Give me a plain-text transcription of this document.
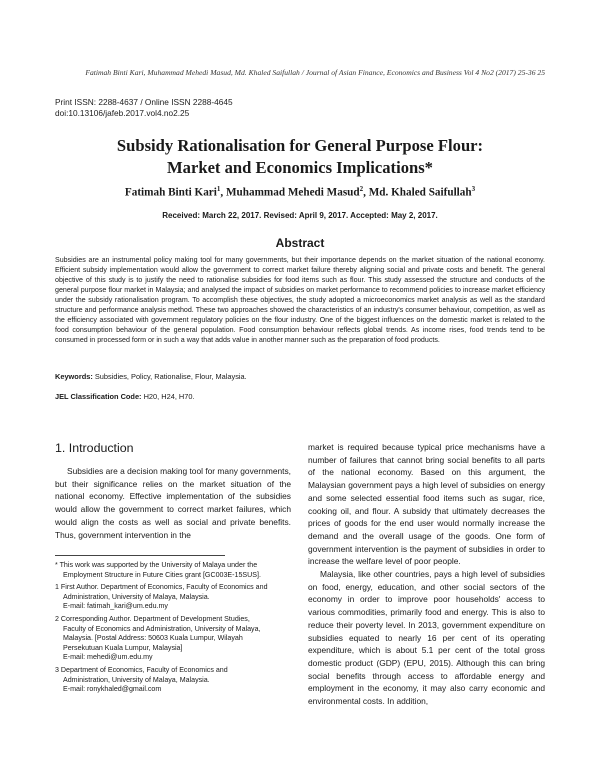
Fatimah Binti Kari, Muhammad Mehedi Masud, Md. Khaled Saifullah / Journal of Asian Finance, Economics and Business Vol 4 No2 (2017) 25-36 25
Print ISSN: 2288-4637 / Online ISSN 2288-4645
doi:10.13106/jafeb.2017.vol4.no2.25
Subsidy Rationalisation for General Purpose Flour:
Market and Economics Implications*
Fatimah Binti Kari$^1$, Muhammad Mehedi Masud$^2$, Md. Khaled Saifullah$^3$
Received: March 22, 2017. Revised: April 9, 2017. Accepted: May 2, 2017.
Abstract
Subsidies are an instrumental policy making tool for many governments, but their importance depends on the market situation of the national economy. Efficient subsidy implementation would allow the government to correct market failure thereby aligning social and private costs and benefit. The general objective of this study is to justify the need to rationalise subsidies for food items such as flour. This study assessed the structure and conducts of the general purpose flour market in Malaysia; and analysed the impact of subsidies on market performance to recommend policies to increase market efficiency under the subsidy rationalisation program. To accomplish these objectives, the study adopted a microeconomics market analysis as well as the standard structure and performance analysis method. These two approaches showed the characteristics of an industry's consumer behaviour, competition, as well as the efficiency associated with government regulatory policies on the flour industry. One of the biggest influences on the domestic market is related to the food consumption behaviour of the general population. Food consumption behaviour reflects global trends. As income rises, food trends tend to be consumed in processed form or in such a way that adds value in another manner such as the preparation of food products.
Keywords: Subsidies, Policy, Rationalise, Flour, Malaysia.
JEL Classification Code: H20, H24, H70.
1. Introduction

Subsidies are a decision making tool for many governments, but their significance relies on the market situation of the national economy. Effective implementation of the subsidies would allow the government to correct market failures, which would align the costs as well as social and private benefits. Thus, government intervention in the

* This work was supported by the University of Malaya under the
Employment Structure in Future Cities grant [GC003E-15SUS].
1 First Author. Department of Economics, Faculty of Economics and
Administration, University of Malaya, Malaysia.
E-mail: fatimah_kari@um.edu.my
2 Corresponding Author. Department of Development Studies,
Faculty of Economics and Administration, University of Malaya,
Malaysia. [Postal Address: 50603 Kuala Lumpur, Wilayah
Persekutuan Kuala Lumpur, Malaysia]
E-mail: mehedi@um.edu.my
3 Department of Economics, Faculty of Economics and
Administration, University of Malaya, Malaysia.
E-mail: ronykhaled@gmail.com

market is required because typical price mechanisms have a number of failures that cannot bring social benefits to all parts of the national economy. Based on this argument, the Malaysian government pays a high level of subsidies on energy and some selected essential food items such as sugar, rice, cooking oil, and flour. A subsidy that ultimately decreases the prices of goods for the end user would normally increase the demand and the overall usage of the goods. One form of government intervention is the payment of subsidies in order to increase the welfare level of poor people.

Malaysia, like other countries, pays a high level of subsidies on food, energy, education, and other social sectors of the economy in order to improve poor households' access to various commodities, primarily food and energy. This is also to reduce their poverty level. In 2013, government expenditure on subsidies equated to nearly 16 per cent of its operating expenditure, which is about 5.1 per cent of the total gross domestic product (GDP) (EPU, 2015). Although this can bring social benefits through access to affordable energy and employment in the economy, it may also carry economic and environmental costs. In addition,
